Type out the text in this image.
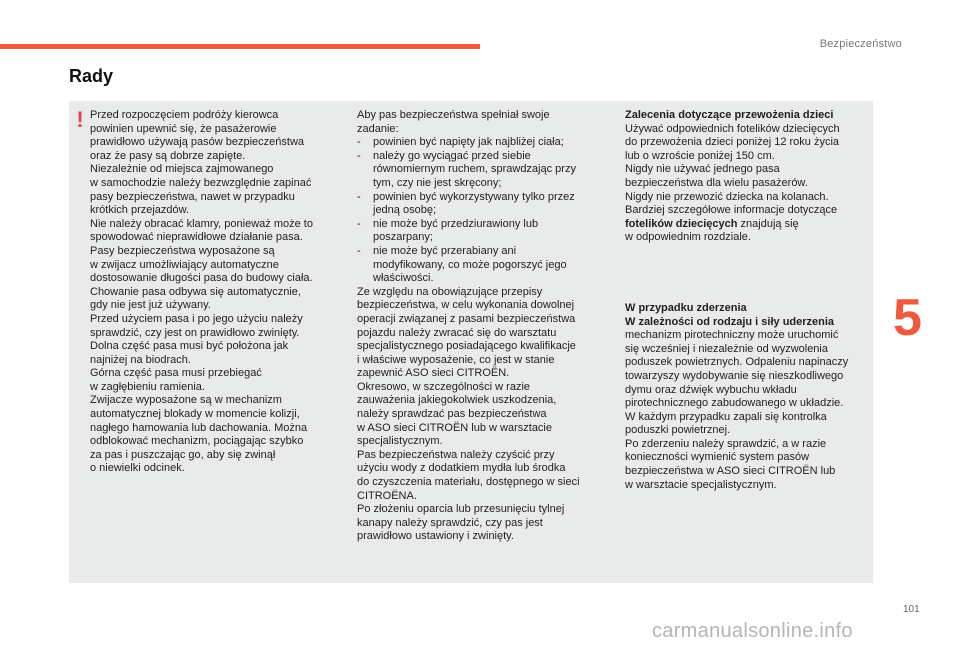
Bezpieczeństwo
Rady
! Przed rozpoczęciem podróży kierowca
powinien upewnić się, że pasażerowie
prawidłowo używają pasów bezpieczeństwa
oraz że pasy są dobrze zapięte.
Niezależnie od miejsca zajmowanego
w samochodzie należy bezwzględnie zapinać
pasy bezpieczeństwa, nawet w przypadku
krótkich przejazdów.
Nie należy obracać klamry, ponieważ może to
spowodować nieprawidłowe działanie pasa.
Pasy bezpieczeństwa wyposażone są
w zwijacz umożliwiający automatyczne
dostosowanie długości pasa do budowy ciała.
Chowanie pasa odbywa się automatycznie,
gdy nie jest już używany.
Przed użyciem pasa i po jego użyciu należy
sprawdzić, czy jest on prawidłowo zwinięty.
Dolna część pasa musi być położona jak
najniżej na biodrach.
Górna część pasa musi przebiegać
w zagłębieniu ramienia.
Zwijacze wyposażone są w mechanizm
automatycznej blokady w momencie kolizji,
nagłego hamowania lub dachowania. Można
odblokować mechanizm, pociągając szybko
za pas i puszczając go, aby się zwinął
o niewielki odcinek.

Aby pas bezpieczeństwa spełniał swoje
zadanie:

- powinien być napięty jak najbliżej ciała;
- należy go wyciągać przed siebie
równomiernym ruchem, sprawdzając przy
tym, czy nie jest skręcony;
- powinien być wykorzystywany tylko przez
jedną osobę;
- nie może być przedziurawiony lub
poszarpany;
- nie może być przerabiany ani
modyfikowany, co może pogorszyć jego
właściwości.

Ze względu na obowiązujące przepisy
bezpieczeństwa, w celu wykonania dowolnej
operacji związanej z pasami bezpieczeństwa
pojazdu należy zwracać się do warsztatu
specjalistycznego posiadającego kwalifikacje
i właściwe wyposażenie, co jest w stanie
zapewnić ASO sieci CITROËN.
Okresowo, w szczególności w razie
zauważenia jakiegokolwiek uszkodzenia,
należy sprawdzać pas bezpieczeństwa
w ASO sieci CITROËN lub w warsztacie
specjalistycznym.
Pas bezpieczeństwa należy czyścić przy
użyciu wody z dodatkiem mydła lub środka
do czyszczenia materiału, dostępnego w sieci
CITROËNA.
Po złożeniu oparcia lub przesunięciu tylnej
kanapy należy sprawdzić, czy pas jest
prawidłowo ustawiony i zwinięty.

Zalecenia dotyczące przewożenia dzieci

Używać odpowiednich fotelików dziecięcych
do przewożenia dzieci poniżej 12 roku życia
lub o wzroście poniżej 150 cm.
Nigdy nie używać jednego pasa
bezpieczeństwa dla wielu pasażerów.
Nigdy nie przewozić dziecka na kolanach.
Bardziej szczegółowe informacje dotyczące
fotelików dziecięcych znajdują się
w odpowiednim rozdziale.

W przypadku zderzenia

W zależności od rodzaju i siły uderzenia

mechanizm pirotechniczny może uruchomić
się wcześniej i niezależnie od wyzwolenia
poduszek powietrznych. Odpaleniu napinaczy
towarzyszy wydobywanie się nieszkodliwego
dymu oraz dźwięk wybuchu wkładu
pirotechnicznego zabudowanego w układzie.
W każdym przypadku zapali się kontrolka
poduszki powietrznej.
Po zderzeniu należy sprawdzić, a w razie
konieczności wymienić system pasów
bezpieczeństwa w ASO sieci CITROËN lub
w warsztacie specjalistycznym.

5
101
carmanualsonline.info
